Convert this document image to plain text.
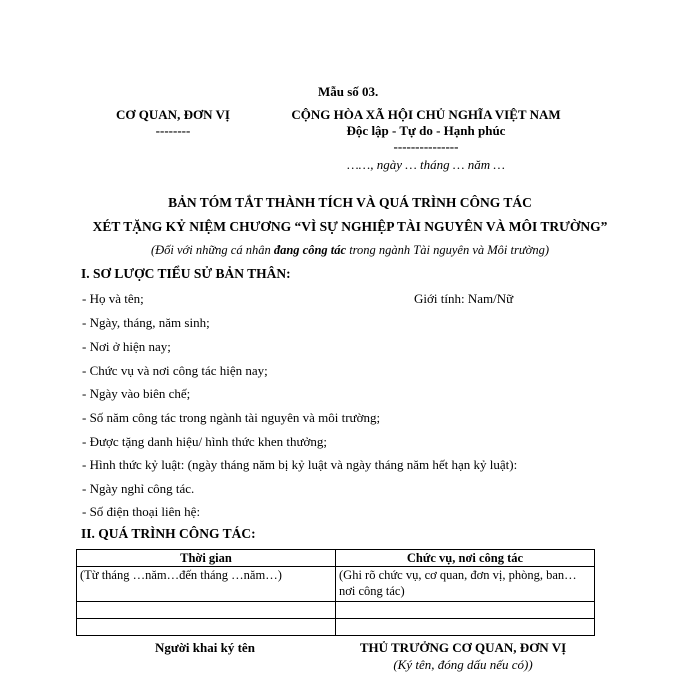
Mẫu số 03.
CƠ QUAN, ĐƠN VỊ
--------
CỘNG HÒA XÃ HỘI CHỦ NGHĨA VIỆT NAM
Độc lập - Tự do - Hạnh phúc
---------------
……, ngày … tháng … năm …
BẢN TÓM TẮT THÀNH TÍCH VÀ QUÁ TRÌNH CÔNG TÁC
XÉT TẶNG KỶ NIỆM CHƯƠNG “VÌ SỰ NGHIỆP TÀI NGUYÊN VÀ MÔI TRƯỜNG”
(Đối với những cá nhân đang công tác trong ngành Tài nguyên và Môi trường)
I. SƠ LƯỢC TIỂU SỬ BẢN THÂN:
- Họ và tên;	Giới tính: Nam/Nữ
- Ngày, tháng, năm sinh;
- Nơi ở hiện nay;
- Chức vụ và nơi công tác hiện nay;
- Ngày vào biên chế;
- Số năm công tác trong ngành tài nguyên và môi trường;
- Được tặng danh hiệu/ hình thức khen thưởng;
- Hình thức kỷ luật: (ngày tháng năm bị kỷ luật và ngày tháng năm hết hạn kỷ luật):
- Ngày nghỉ công tác.
- Số điện thoại liên hệ:
II. QUÁ TRÌNH CÔNG TÁC:
Thời gian	Chức vụ, nơi công tác
(Từ tháng …năm…đến tháng …năm…)	(Ghi rõ chức vụ, cơ quan, đơn vị, phòng, ban…nơi công tác)

Người khai ký tên	THỦ TRƯỞNG CƠ QUAN, ĐƠN VỊ
(Ký tên, đóng dấu nếu có))
